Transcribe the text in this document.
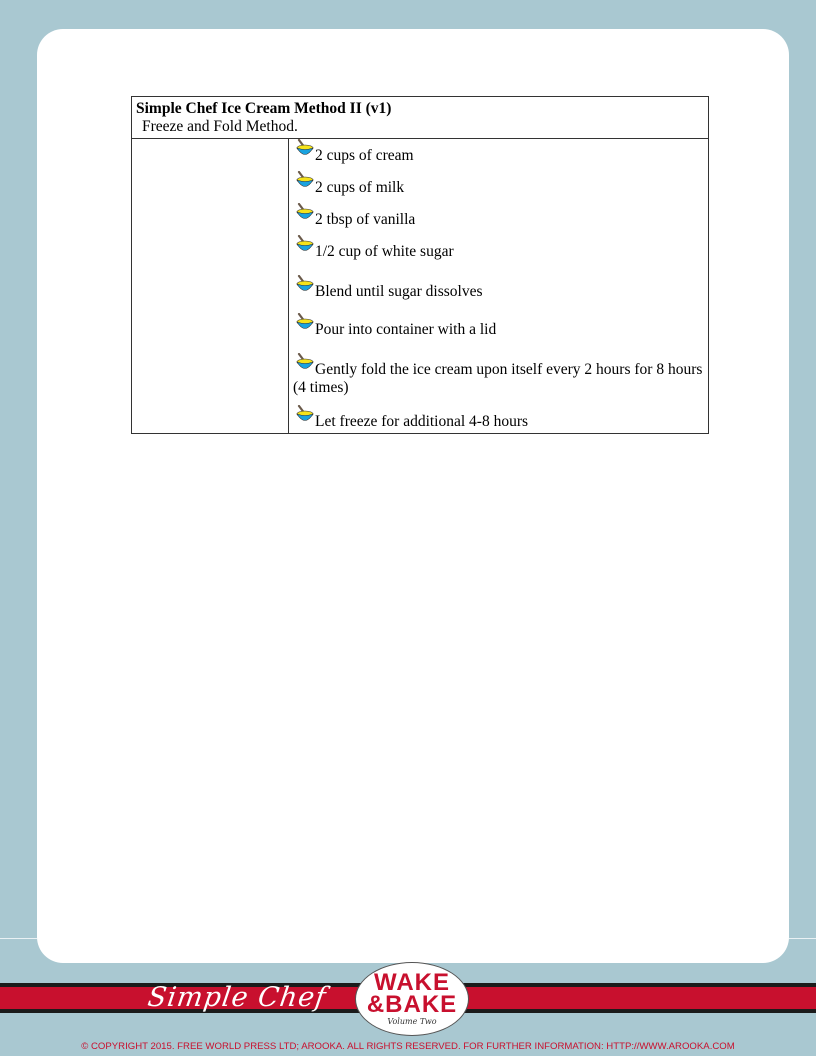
Simple Chef Ice Cream Method II (v1)
Freeze and Fold Method.

2 cups of cream
2 cups of milk
2 tbsp of vanilla
1/2 cup of white sugar
Blend until sugar dissolves
Pour into container with a lid
Gently fold the ice cream upon itself every 2 hours for 8 hours (4 times)
Let freeze for additional 4-8 hours
Simple Chef	WAKE
&BAKE
Volume Two
© COPYRIGHT 2015. FREE WORLD PRESS LTD; AROOKA. ALL RIGHTS RESERVED. FOR FURTHER INFORMATION: HTTP://WWW.AROOKA.COM
